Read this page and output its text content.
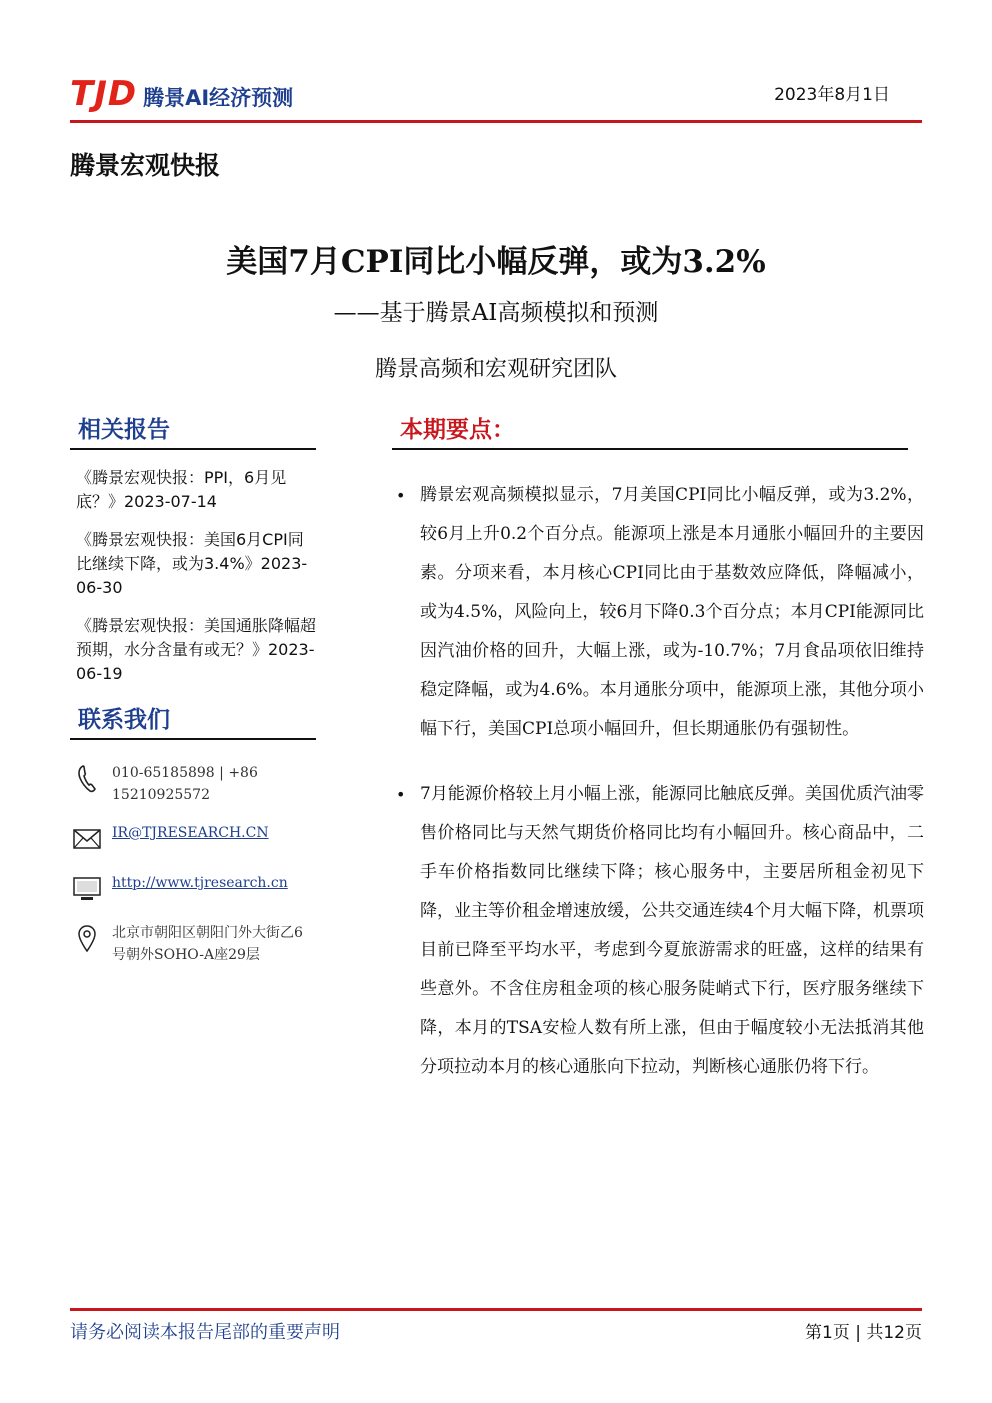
TJD 腾景AI经济预测	2023年8月1日
腾景宏观快报
美国7月CPI同比小幅反弹，或为3.2%
——基于腾景AI高频模拟和预测
腾景高频和宏观研究团队
相关报告
《腾景宏观快报：PPI，6月见底？》2023-07-14
《腾景宏观快报：美国6月CPI同比继续下降，或为3.4%》2023-06-30
《腾景宏观快报：美国通胀降幅超预期，水分含量有或无？》2023-06-19
联系我们
010-65185898 | +86 15210925572
IR@TJRESEARCH.CN
http://www.tjresearch.cn
北京市朝阳区朝阳门外大街乙6号朝外SOHO-A座29层
本期要点：
• 腾景宏观高频模拟显示，7月美国CPI同比小幅反弹，或为3.2%，较6月上升0.2个百分点。能源项上涨是本月通胀小幅回升的主要因素。分项来看，本月核心CPI同比由于基数效应降低，降幅减小，或为4.5%，风险向上，较6月下降0.3个百分点；本月CPI能源同比因汽油价格的回升，大幅上涨，或为-10.7%；7月食品项依旧维持稳定降幅，或为4.6%。本月通胀分项中，能源项上涨，其他分项小幅下行，美国CPI总项小幅回升，但长期通胀仍有强韧性。

• 7月能源价格较上月小幅上涨，能源同比触底反弹。美国优质汽油零售价格同比与天然气期货价格同比均有小幅回升。核心商品中，二手车价格指数同比继续下降；核心服务中，主要居所租金初见下降，业主等价租金增速放缓，公共交通连续4个月大幅下降，机票项目前已降至平均水平，考虑到今夏旅游需求的旺盛，这样的结果有些意外。不含住房租金项的核心服务陡峭式下行，医疗服务继续下降，本月的TSA安检人数有所上涨，但由于幅度较小无法抵消其他分项拉动本月的核心通胀向下拉动，判断核心通胀仍将下行。

请务必阅读本报告尾部的重要声明	第1页 | 共12页
